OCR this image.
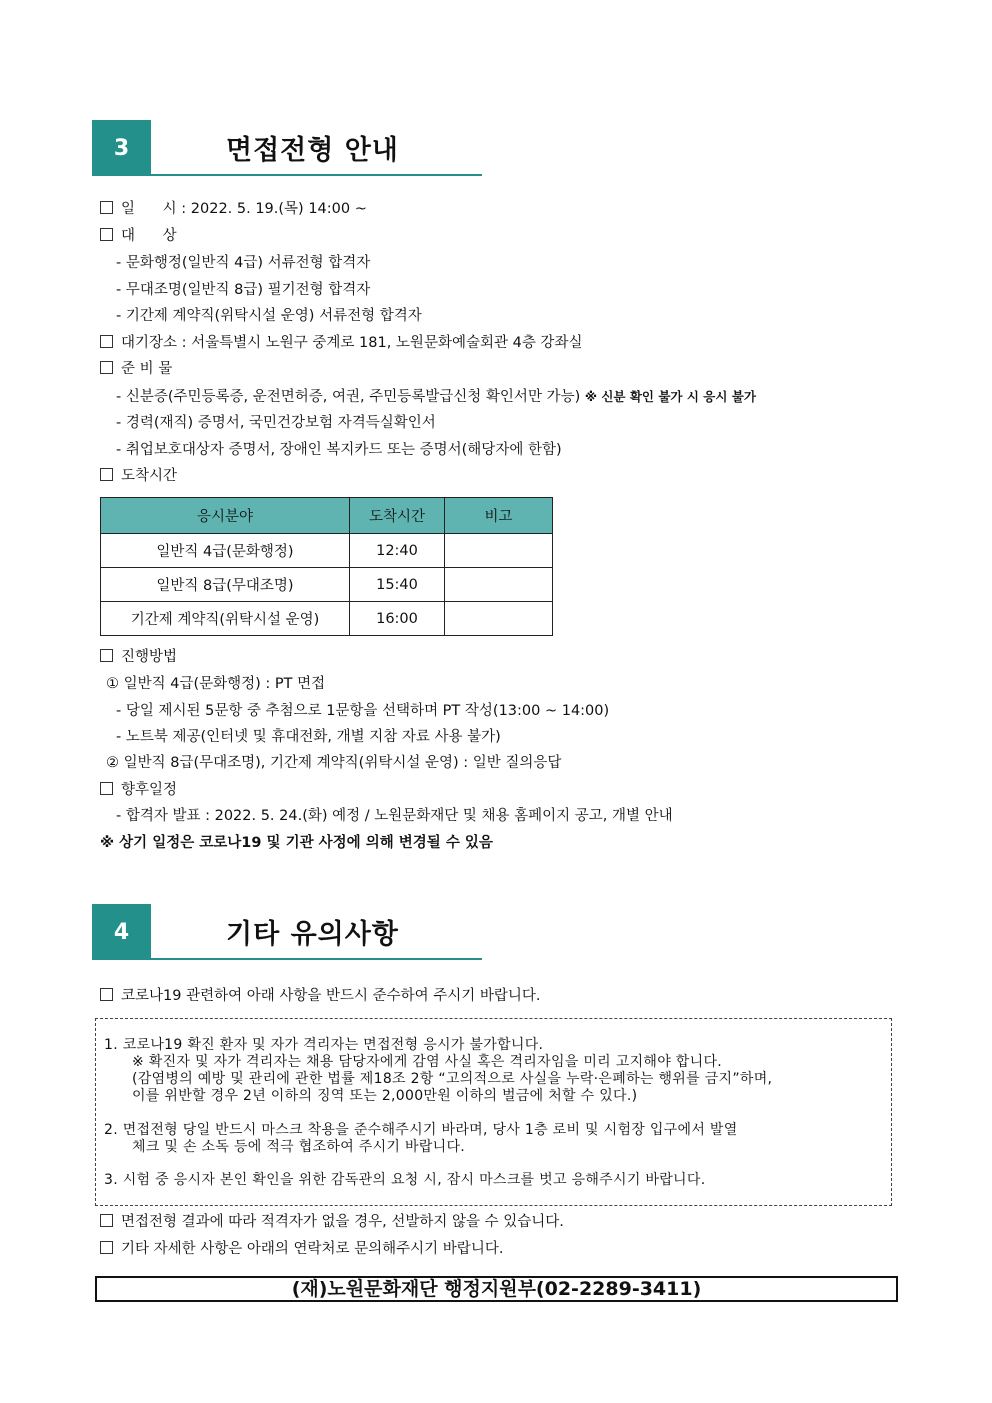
3	면접전형 안내
일      시 : 2022. 5. 19.(목) 14:00 ~
대      상
- 문화행정(일반직 4급) 서류전형 합격자
- 무대조명(일반직 8급) 필기전형 합격자
- 기간제 계약직(위탁시설 운영) 서류전형 합격자
대기장소 : 서울특별시 노원구 중계로 181, 노원문화예술회관 4층 강좌실
준 비 물
- 신분증(주민등록증, 운전면허증, 여권, 주민등록발급신청 확인서만 가능) ※ 신분 확인 불가 시 응시 불가
- 경력(재직) 증명서, 국민건강보험 자격득실확인서
- 취업보호대상자 증명서, 장애인 복지카드 또는 증명서(해당자에 한함)
도착시간
응시분야	도착시간	비고
일반직 4급(문화행정)	12:40	
일반직 8급(무대조명)	15:40	
기간제 계약직(위탁시설 운영)	16:00	
진행방법
① 일반직 4급(문화행정) : PT 면접
- 당일 제시된 5문항 중 추첨으로 1문항을 선택하며 PT 작성(13:00 ~ 14:00)
- 노트북 제공(인터넷 및 휴대전화, 개별 지참 자료 사용 불가)
② 일반직 8급(무대조명), 기간제 계약직(위탁시설 운영) : 일반 질의응답
향후일정
- 합격자 발표 : 2022. 5. 24.(화) 예정 / 노원문화재단 및 채용 홈페이지 공고, 개별 안내
※ 상기 일정은 코로나19 및 기관 사정에 의해 변경될 수 있음
4	기타 유의사항
코로나19 관련하여 아래 사항을 반드시 준수하여 주시기 바랍니다.
1. 코로나19 확진 환자 및 자가 격리자는 면접전형 응시가 불가합니다.
※ 확진자 및 자가 격리자는 채용 담당자에게 감염 사실 혹은 격리자임을 미리 고지해야 합니다.
(감염병의 예방 및 관리에 관한 법률 제18조 2항 “고의적으로 사실을 누락·은폐하는 행위를 금지”하며,
이를 위반할 경우 2년 이하의 징역 또는 2,000만원 이하의 벌금에 처할 수 있다.)
2. 면접전형 당일 반드시 마스크 착용을 준수해주시기 바라며, 당사 1층 로비 및 시험장 입구에서 발열
체크 및 손 소독 등에 적극 협조하여 주시기 바랍니다.
3. 시험 중 응시자 본인 확인을 위한 감독관의 요청 시, 잠시 마스크를 벗고 응해주시기 바랍니다.
면접전형 결과에 따라 적격자가 없을 경우, 선발하지 않을 수 있습니다.
기타 자세한 사항은 아래의 연락처로 문의해주시기 바랍니다.
(재)노원문화재단 행정지원부(02-2289-3411)
